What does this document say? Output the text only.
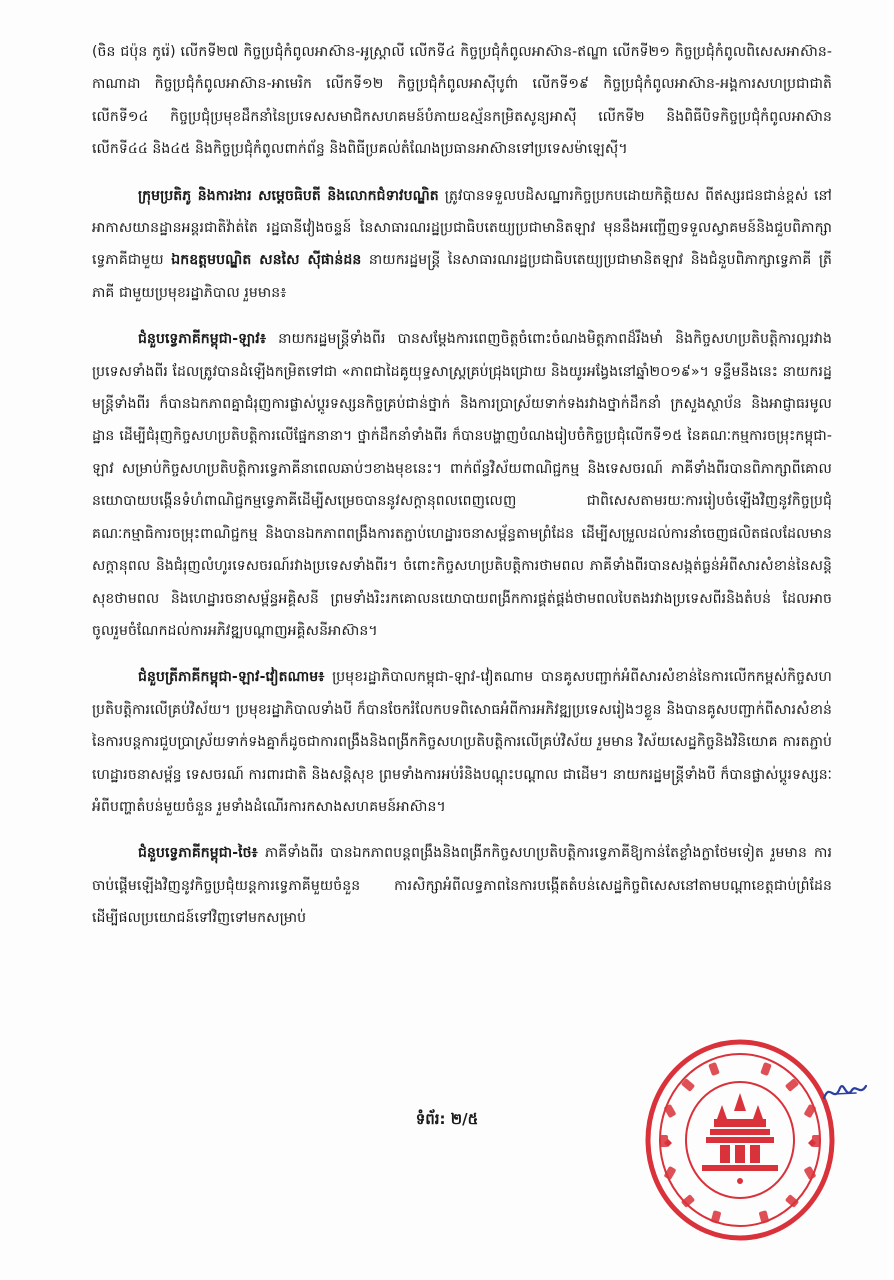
(ចិន ជប៉ុន កូរ៉េ) លើកទី២៧ កិច្ចប្រជុំកំពូលអាស៊ាន-អូស្ត្រាលី លើកទី៤ កិច្ចប្រជុំកំពូលអាស៊ាន-ឥណ្ឌា លើកទី២១ កិច្ចប្រជុំកំពូលពិសេសអាស៊ាន-កាណាដា កិច្ចប្រជុំកំពូលអាស៊ាន-អាមេរិក លើកទី១២ កិច្ចប្រជុំកំពូលអាស៊ីបូព៌ា លើកទី១៩ កិច្ចប្រជុំកំពូលអាស៊ាន-អង្គការសហប្រជាជាតិ លើកទី១៤ កិច្ចប្រជុំប្រមុខដឹកនាំនៃប្រទេសសមាជិកសហគមន៍បំភាយឧស្ម័នកម្រិតសូន្យអាស៊ី លើកទី២ និងពិធីបិទកិច្ចប្រជុំកំពូលអាស៊ានលើកទី៤៤ និង៤៥ និងកិច្ចប្រជុំកំពូលពាក់ព័ន្ធ និងពិធីប្រគល់តំណែងប្រធានអាស៊ានទៅប្រទេសម៉ាឡេស៊ី។

ក្រុមប្រតិភូ និងការងារ សម្ដេចធិបតី និងលោកជំទាវបណ្ឌិត ត្រូវបានទទួលបដិសណ្ឋារកិច្ចប្រកបដោយកិត្តិយស ពីឥស្សរជនជាន់ខ្ពស់ នៅអាកាសយានដ្ឋានអន្តរជាតិវ៉ាត់តៃ រដ្ឋធានីវៀងចន្ទន៍ នៃសាធារណរដ្ឋប្រជាធិបតេយ្យប្រជាមានិតឡាវ មុននឹងអញ្ជើញទទួលស្វាគមន៍និងជួបពិភាក្សាទ្វេភាគីជាមួយ ឯកឧត្តមបណ្ឌិត សនសៃ ស៊ីផាន់ដន នាយករដ្ឋមន្ត្រី នៃសាធារណរដ្ឋប្រជាធិបតេយ្យប្រជាមានិតឡាវ និងជំនួបពិភាក្សាទ្វេភាគី ត្រីភាគី ជាមួយប្រមុខរដ្ឋាភិបាល រួមមាន៖

ជំនួបទ្វេភាគីកម្ពុជា-ឡាវ៖ នាយករដ្ឋមន្ត្រីទាំងពីរ បានសម្ដែងការពេញចិត្តចំពោះចំណងមិត្តភាពដ៏រឹងមាំ និងកិច្ចសហប្រតិបត្តិការល្អរវាងប្រទេសទាំងពីរ ដែលត្រូវបានដំឡើងកម្រិតទៅជា «ភាពជាដៃគូយុទ្ធសាស្ត្រគ្រប់ជ្រុងជ្រោយ និងយូរអង្វែងនៅឆ្នាំ២០១៩»។ ទន្ទឹមនឹងនេះ នាយករដ្ឋមន្ត្រីទាំងពីរ ក៏បានឯកភាពគ្នាជំរុញការផ្លាស់ប្តូរទស្សនកិច្ចគ្រប់ជាន់ថ្នាក់ និងការប្រាស្រ័យទាក់ទងរវាងថ្នាក់ដឹកនាំ ក្រសួងស្ថាប័ន និងអាជ្ញាធរមូលដ្ឋាន ដើម្បីជំរុញកិច្ចសហប្រតិបត្តិការលើផ្នែកនានា។ ថ្នាក់ដឹកនាំទាំងពីរ ក៏បានបង្ហាញបំណងរៀបចំកិច្ចប្រជុំលើកទី១៥ នៃគណៈកម្មការចម្រុះកម្ពុជា-ឡាវ សម្រាប់កិច្ចសហប្រតិបត្តិការទ្វេភាគីនាពេលឆាប់ៗខាងមុខនេះ។ ពាក់ព័ន្ធវិស័យពាណិជ្ជកម្ម និងទេសចរណ៍ ភាគីទាំងពីរបានពិភាក្សាពីគោលនយោបាយបង្កើនទំហំពាណិជ្ជកម្មទ្វេភាគីដើម្បីសម្រេចបាននូវសក្ដានុពលពេញលេញ ជាពិសេសតាមរយៈការរៀបចំឡើងវិញនូវកិច្ចប្រជុំគណៈកម្មាធិការចម្រុះពាណិជ្ជកម្ម និងបានឯកភាពពង្រឹងការតភ្ជាប់ហេដ្ឋារចនាសម្ព័ន្ធតាមព្រំដែន ដើម្បីសម្រួលដល់ការនាំចេញផលិតផលដែលមានសក្ដានុពល និងជំរុញលំហូរទេសចរណ៍រវាងប្រទេសទាំងពីរ។ ចំពោះកិច្ចសហប្រតិបត្តិការថាមពល ភាគីទាំងពីរបានសង្កត់ធ្ងន់អំពីសារសំខាន់នៃសន្តិសុខថាមពល និងហេដ្ឋារចនាសម្ព័ន្ធអគ្គិសនី ព្រមទាំងរិះរកគោលនយោបាយពង្រីកការផ្គត់ផ្គង់ថាមពលបៃតងរវាងប្រទេសពីរនិងតំបន់ ដែលអាចចូលរួមចំណែកដល់ការអភិវឌ្ឍបណ្ដាញអគ្គិសនីអាស៊ាន។

ជំនួបត្រីភាគីកម្ពុជា-ឡាវ-វៀតណាម៖ ប្រមុខរដ្ឋាភិបាលកម្ពុជា-ឡាវ-វៀតណាម បានគូសបញ្ជាក់អំពីសារសំខាន់នៃការលើកកម្ពស់កិច្ចសហប្រតិបត្តិការលើគ្រប់វិស័យ។ ប្រមុខរដ្ឋាភិបាលទាំងបី ក៏បានចែករំលែកបទពិសោធអំពីការអភិវឌ្ឍប្រទេសរៀងៗខ្លួន និងបានគូសបញ្ជាក់ពីសារសំខាន់នៃការបន្តការជួបប្រាស្រ័យទាក់ទងគ្នាក៏ដូចជាការពង្រឹងនិងពង្រីកកិច្ចសហប្រតិបត្តិការលើគ្រប់វិស័យ រួមមាន វិស័យសេដ្ឋកិច្ចនិងវិនិយោគ ការតភ្ជាប់ហេដ្ឋារចនាសម្ព័ន្ធ ទេសចរណ៍ ការពារជាតិ និងសន្តិសុខ ព្រមទាំងការអប់រំនិងបណ្ដុះបណ្ដាល ជាដើម។ នាយករដ្ឋមន្ត្រីទាំងបី ក៏បានផ្លាស់ប្តូរទស្សនៈអំពីបញ្ហាតំបន់មួយចំនួន រួមទាំងដំណើរការកសាងសហគមន៍អាស៊ាន។

ជំនួបទ្វេភាគីកម្ពុជា-ថៃ៖ ភាគីទាំងពីរ បានឯកភាពបន្តពង្រឹងនិងពង្រីកកិច្ចសហប្រតិបត្តិការទ្វេភាគីឱ្យកាន់តែខ្លាំងក្លាថែមទៀត រួមមាន ការចាប់ផ្ដើមឡើងវិញនូវកិច្ចប្រជុំយន្តការទ្វេភាគីមួយចំនួន ការសិក្សាអំពីលទ្ធភាពនៃការបង្កើតតំបន់សេដ្ឋកិច្ចពិសេសនៅតាមបណ្ដាខេត្តជាប់ព្រំដែន ដើម្បីផលប្រយោជន៍ទៅវិញទៅមកសម្រាប់

ទំព័រ: ២/៥
